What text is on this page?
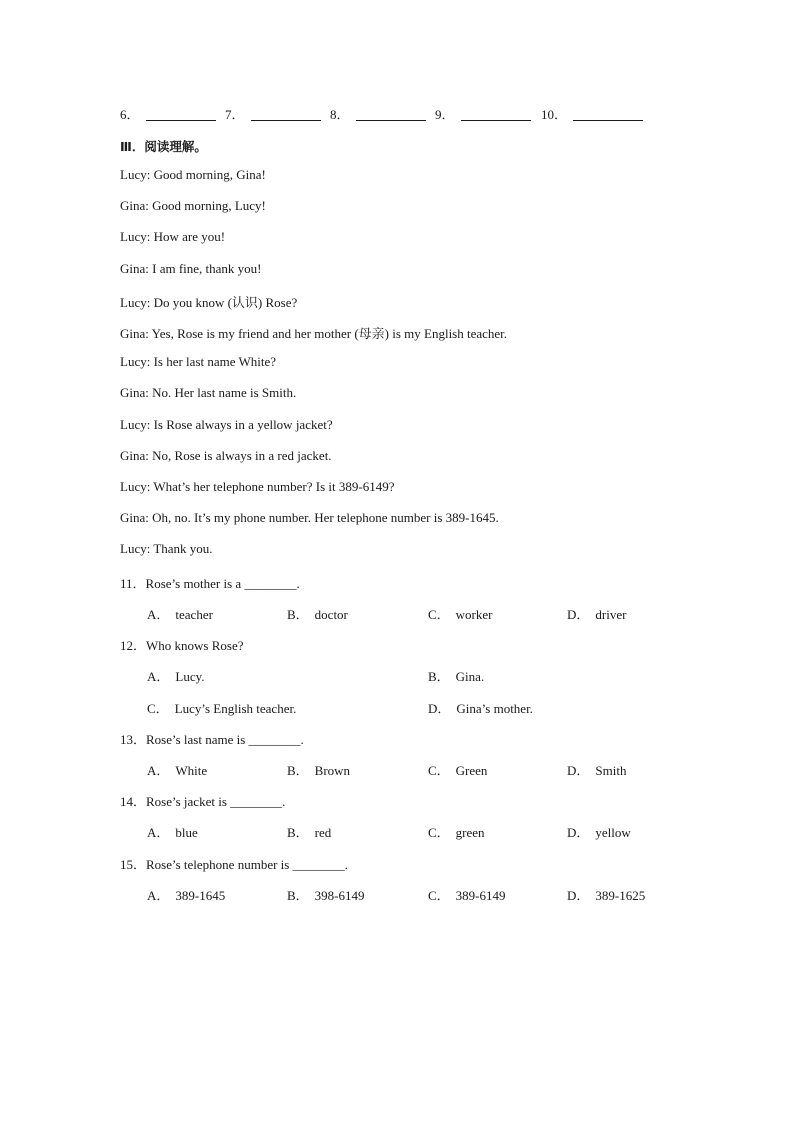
6．	7．	8．	9．	10．
Ⅲ．阅读理解。
Lucy: Good morning, Gina!
Gina: Good morning, Lucy!
Lucy: How are you!
Gina: I am fine, thank you!
Lucy: Do you know (认识) Rose?
Gina: Yes, Rose is my friend and her mother (母亲) is my English teacher.
Lucy: Is her last name White?
Gina: No. Her last name is Smith.
Lucy: Is Rose always in a yellow jacket?
Gina: No, Rose is always in a red jacket.
Lucy: What’s her telephone number? Is it 389-6149?
Gina: Oh, no. It’s my phone number. Her telephone number is 389-1645.
Lucy: Thank you.
11．Rose’s mother is a ________.
A． teacher	B． doctor	C． worker	D． driver
12．Who knows Rose?
A． Lucy.	B． Gina.
C． Lucy’s English teacher.	D． Gina’s mother.
13．Rose’s last name is ________.
A． White	B． Brown	C． Green	D． Smith
14．Rose’s jacket is ________.
A． blue	B． red	C． green	D． yellow
15．Rose’s telephone number is ________.
A． 389-1645	B． 398-6149	C． 389-6149	D． 389-1625
